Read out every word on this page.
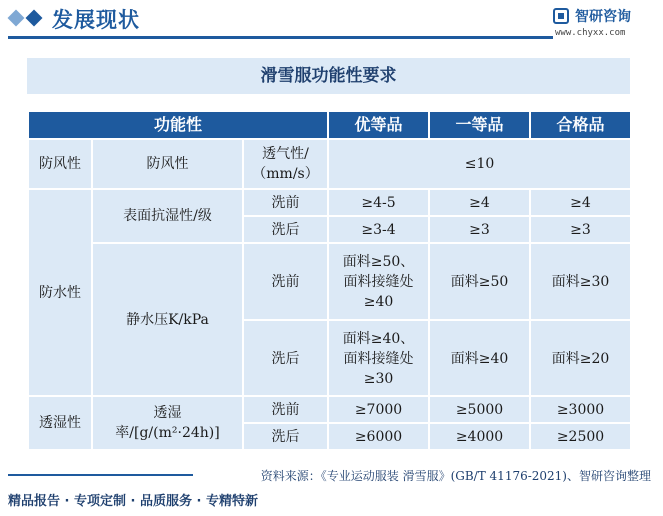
发展现状	智研咨询
www.chyxx.com
滑雪服功能性要求
功能性			优等品	一等品	合格品
防风性	防风性	透气性/（mm/s）	≤10		
防水性	表面抗湿性/级	洗前	≥4-5	≥4	≥4
		洗后	≥3-4	≥3	≥3
	静水压K/kPa	洗前	面料≥50、面料接缝处≥40	面料≥50	面料≥30
		洗后	面料≥40、面料接缝处≥30	面料≥40	面料≥20
透湿性	透湿率/[g/(m²·24h)]	洗前	≥7000	≥5000	≥3000
		洗后	≥6000	≥4000	≥2500
资料来源：《专业运动服装 滑雪服》(GB/T 41176-2021)、智研咨询整理
精品报告 · 专项定制 · 品质服务 · 专精特新
